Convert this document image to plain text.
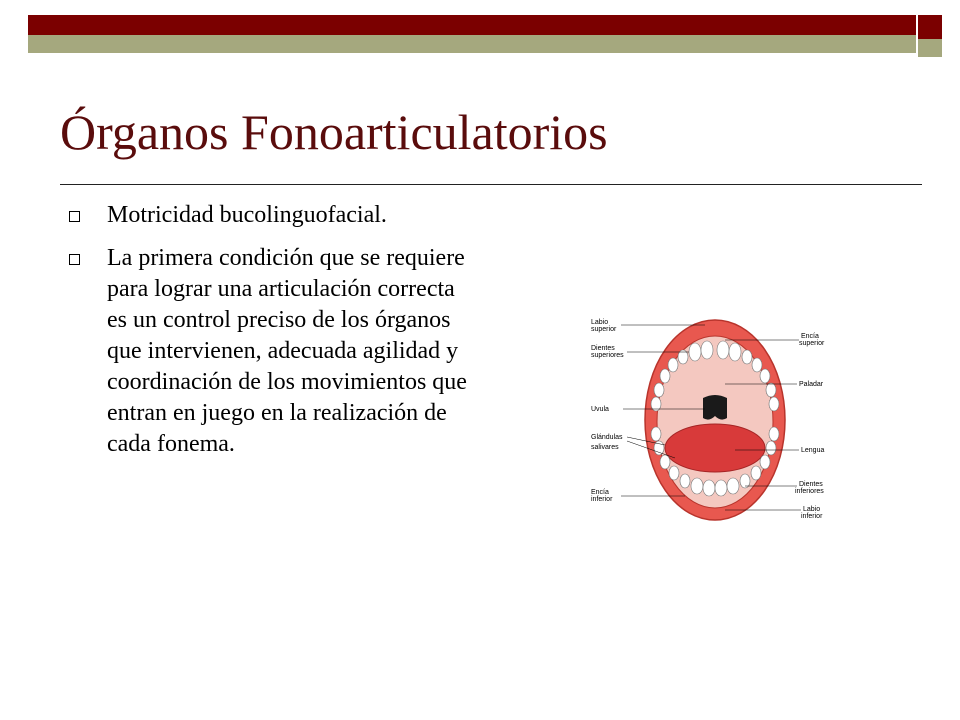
Órganos Fonoarticulatorios
Motricidad bucolinguofacial.
La primera condición que se requiere para lograr una articulación correcta es un control preciso de los órganos que intervienen, adecuada agilidad y coordinación de los movimientos que entran en juego en la realización de cada fonema.
Labio
superior
Dientes
superiores
Uvula
Glándulas
salivares
Encía
inferior
Encía
superior
Paladar
Lengua
Dientes
inferiores
Labio
inferior
